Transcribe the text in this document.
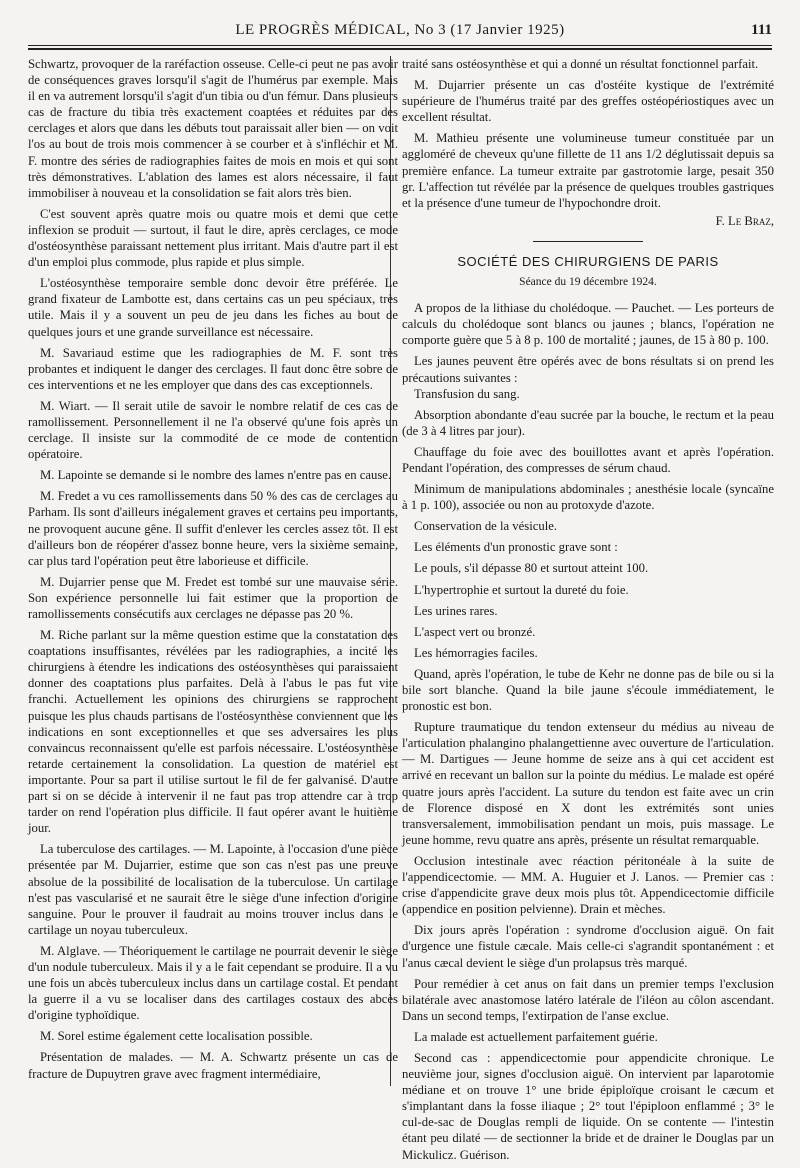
LE PROGRÈS MÉDICAL, No 3 (17 Janvier 1925)	111

Schwartz, provoquer de la raréfaction osseuse. Celle-ci peut ne pas avoir de conséquences graves lorsqu'il s'agit de l'humérus par exemple. Mais il en va autrement lorsqu'il s'agit d'un tibia ou d'un fémur. Dans plusieurs cas de fracture du tibia très exactement coaptées et réduites par des cerclages et alors que dans les débuts tout paraissait aller bien — on voit l'os au bout de trois mois commencer à se courber et à s'infléchir et M. F. montre des séries de radiographies faites de mois en mois et qui sont très démonstratives. L'ablation des lames est alors nécessaire, il faut immobiliser à nouveau et la consolidation se fait alors très bien.

C'est souvent après quatre mois ou quatre mois et demi que cette inflexion se produit — surtout, il faut le dire, après cerclages, ce mode d'ostéosynthèse paraissant nettement plus irritant. Mais d'autre part il est d'un emploi plus commode, plus rapide et plus simple.

L'ostéosynthèse temporaire semble donc devoir être préférée. Le grand fixateur de Lambotte est, dans certains cas un peu spéciaux, très utile. Mais il y a souvent un peu de jeu dans les fiches au bout de quelques jours et une grande surveillance est nécessaire.

M. Savariaud estime que les radiographies de M. F. sont très probantes et indiquent le danger des cerclages. Il faut donc être sobre de ces interventions et ne les employer que dans des cas exceptionnels.

M. Wiart. — Il serait utile de savoir le nombre relatif de ces cas de ramollissement. Personnellement il ne l'a observé qu'une fois après un cerclage. Il insiste sur la commodité de ce mode de contention opératoire.

M. Lapointe se demande si le nombre des lames n'entre pas en cause.

M. Fredet a vu ces ramollissements dans 50 % des cas de cerclages au Parham. Ils sont d'ailleurs inégalement graves et certains peu importants, ne provoquent aucune gêne. Il suffit d'enlever les cercles assez tôt. Il est d'ailleurs bon de réopérer d'assez bonne heure, vers la sixième semaine, car plus tard l'opération peut être laborieuse et difficile.

M. Dujarrier pense que M. Fredet est tombé sur une mauvaise série. Son expérience personnelle lui fait estimer que la proportion de ramollissements consécutifs aux cerclages ne dépasse pas 20 %.

M. Riche parlant sur la même question estime que la constatation des coaptations insuffisantes, révélées par les radiographies, a incité les chirurgiens à étendre les indications des ostéosynthèses qui paraissaient donner des coaptations plus parfaites. Delà à l'abus le pas fut vite franchi. Actuellement les opinions des chirurgiens se rapprochent puisque les plus chauds partisans de l'ostéosynthèse conviennent que les indications en sont exceptionnelles et que ses adversaires les plus convaincus reconnaissent qu'elle est parfois nécessaire. L'ostéosynthèse retarde certainement la consolidation. La question de matériel est importante. Pour sa part il utilise surtout le fil de fer galvanisé. D'autre part si on se décide à intervenir il ne faut pas trop attendre car à trop tarder on rend l'opération plus difficile. Il faut opérer avant le huitième jour.

La tuberculose des cartilages. — M. Lapointe, à l'occasion d'une pièce présentée par M. Dujarrier, estime que son cas n'est pas une preuve absolue de la possibilité de localisation de la tuberculose. Un cartilage n'est pas vascularisé et ne saurait être le siège d'une infection d'origine sanguine. Pour le prouver il faudrait au moins trouver inclus dans le cartilage un noyau tuberculeux.

M. Alglave. — Théoriquement le cartilage ne pourrait devenir le siège d'un nodule tuberculeux. Mais il y a le fait cependant se produire. Il a vu une fois un abcès tuberculeux inclus dans un cartilage costal. Et pendant la guerre il a vu se localiser dans des cartilages costaux des abcès d'origine typhoïdique.

M. Sorel estime également cette localisation possible.

Présentation de malades. — M. A. Schwartz présente un cas de fracture de Dupuytren grave avec fragment intermédiaire,

traité sans ostéosynthèse et qui a donné un résultat fonctionnel parfait.

M. Dujarrier présente un cas d'ostéite kystique de l'extrémité supérieure de l'humérus traité par des greffes ostéopériostiques avec un excellent résultat.

M. Mathieu présente une volumineuse tumeur constituée par un aggloméré de cheveux qu'une fillette de 11 ans 1/2 déglutissait depuis sa première enfance. La tumeur extraite par gastrotomie large, pesait 350 gr. L'affection tut révélée par la présence de quelques troubles gastriques et la présence d'une tumeur de l'hypochondre droit.

F. Le Braz,
SOCIÉTÉ DES CHIRURGIENS DE PARIS
Séance du 19 décembre 1924.

A propos de la lithiase du cholédoque. — Pauchet. — Les porteurs de calculs du cholédoque sont blancs ou jaunes ; blancs, l'opération ne comporte guère que 5 à 8 p. 100 de mortalité ; jaunes, de 15 à 80 p. 100.

Les jaunes peuvent être opérés avec de bons résultats si on prend les précautions suivantes :

Transfusion du sang.

Absorption abondante d'eau sucrée par la bouche, le rectum et la peau (de 3 à 4 litres par jour).

Chauffage du foie avec des bouillottes avant et après l'opération. Pendant l'opération, des compresses de sérum chaud.

Minimum de manipulations abdominales ; anesthésie locale (syncaïne à 1 p. 100), associée ou non au protoxyde d'azote.

Conservation de la vésicule.

Les éléments d'un pronostic grave sont :

Le pouls, s'il dépasse 80 et surtout atteint 100.

L'hypertrophie et surtout la dureté du foie.

Les urines rares.

L'aspect vert ou bronzé.

Les hémorragies faciles.

Quand, après l'opération, le tube de Kehr ne donne pas de bile ou si la bile sort blanche. Quand la bile jaune s'écoule immédiatement, le pronostic est bon.

Rupture traumatique du tendon extenseur du médius au niveau de l'articulation phalangino phalangettienne avec ouverture de l'articulation. — M. Dartigues — Jeune homme de seize ans à qui cet accident est arrivé en recevant un ballon sur la pointe du médius. Le malade est opéré quatre jours après l'accident. La suture du tendon est faite avec un crin de Florence disposé en X dont les extrémités sont unies transversalement, immobilisation pendant un mois, puis massage. Le jeune homme, revu quatre ans après, présente un résultat remarquable.

Occlusion intestinale avec réaction péritonéale à la suite de l'appendicectomie. — MM. A. Huguier et J. Lanos. — Premier cas : crise d'appendicite grave deux mois plus tôt. Appendicectomie difficile (appendice en position pelvienne). Drain et mèches.

Dix jours après l'opération : syndrome d'occlusion aiguë. On fait d'urgence une fistule cæcale. Mais celle-ci s'agrandit spontanément : et l'anus cæcal devient le siège d'un prolapsus très marqué.

Pour remédier à cet anus on fait dans un premier temps l'exclusion bilatérale avec anastomose latéro latérale de l'iléon au côlon ascendant. Dans un second temps, l'extirpation de l'anse exclue.

La malade est actuellement parfaitement guérie.

Second cas : appendicectomie pour appendicite chronique. Le neuvième jour, signes d'occlusion aiguë. On intervient par laparotomie médiane et on trouve 1° une bride épiploïque croisant le cæcum et s'implantant dans la fosse iliaque ; 2° tout l'épiploon enflammé ; 3° le cul-de-sac de Douglas rempli de liquide. On se contente — l'intestin étant peu dilaté — de sectionner la bride et de drainer le Douglas par un Mickulicz. Guérison.
